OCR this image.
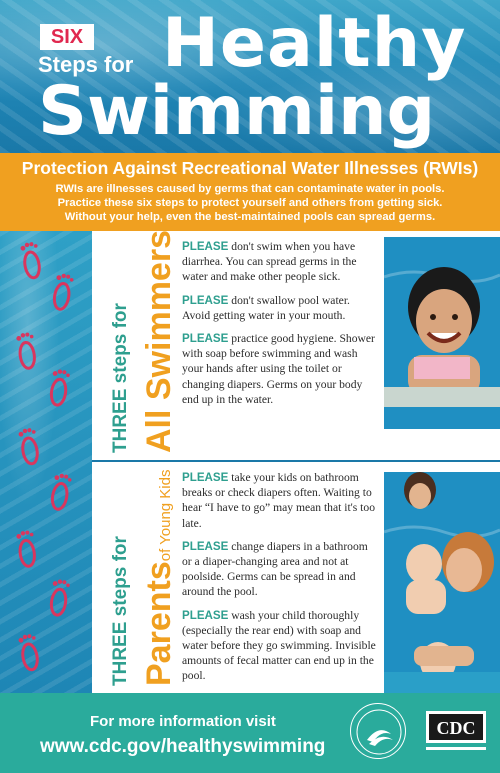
SIX
Steps for Healthy
Swimming
Protection Against Recreational Water Illnesses (RWIs)
RWIs are illnesses caused by germs that can contaminate water in pools.
Practice these six steps to protect yourself and others from getting sick.
Without your help, even the best-maintained pools can spread germs.
THREE steps for All Swimmers PLEASE don't swim when you have diarrhea. You can spread germs in the water and make other people sick.

PLEASE don't swallow pool water. Avoid getting water in your mouth.

PLEASE practice good hygiene. Shower with soap before swimming and wash your hands after using the toilet or changing diapers. Germs on your body end up in the water.

THREE steps for Parentsof Young Kids PLEASE take your kids on bathroom breaks or check diapers often. Waiting to hear “I have to go” may mean that it's too late.

PLEASE change diapers in a bathroom or a diaper-changing area and not at poolside. Germs can be spread in and around the pool.

PLEASE wash your child thoroughly (especially the rear end) with soap and water before they go swimming. Invisible amounts of fecal matter can end up in the pool.

For more information visit
www.cdc.gov/healthyswimming
CDC
